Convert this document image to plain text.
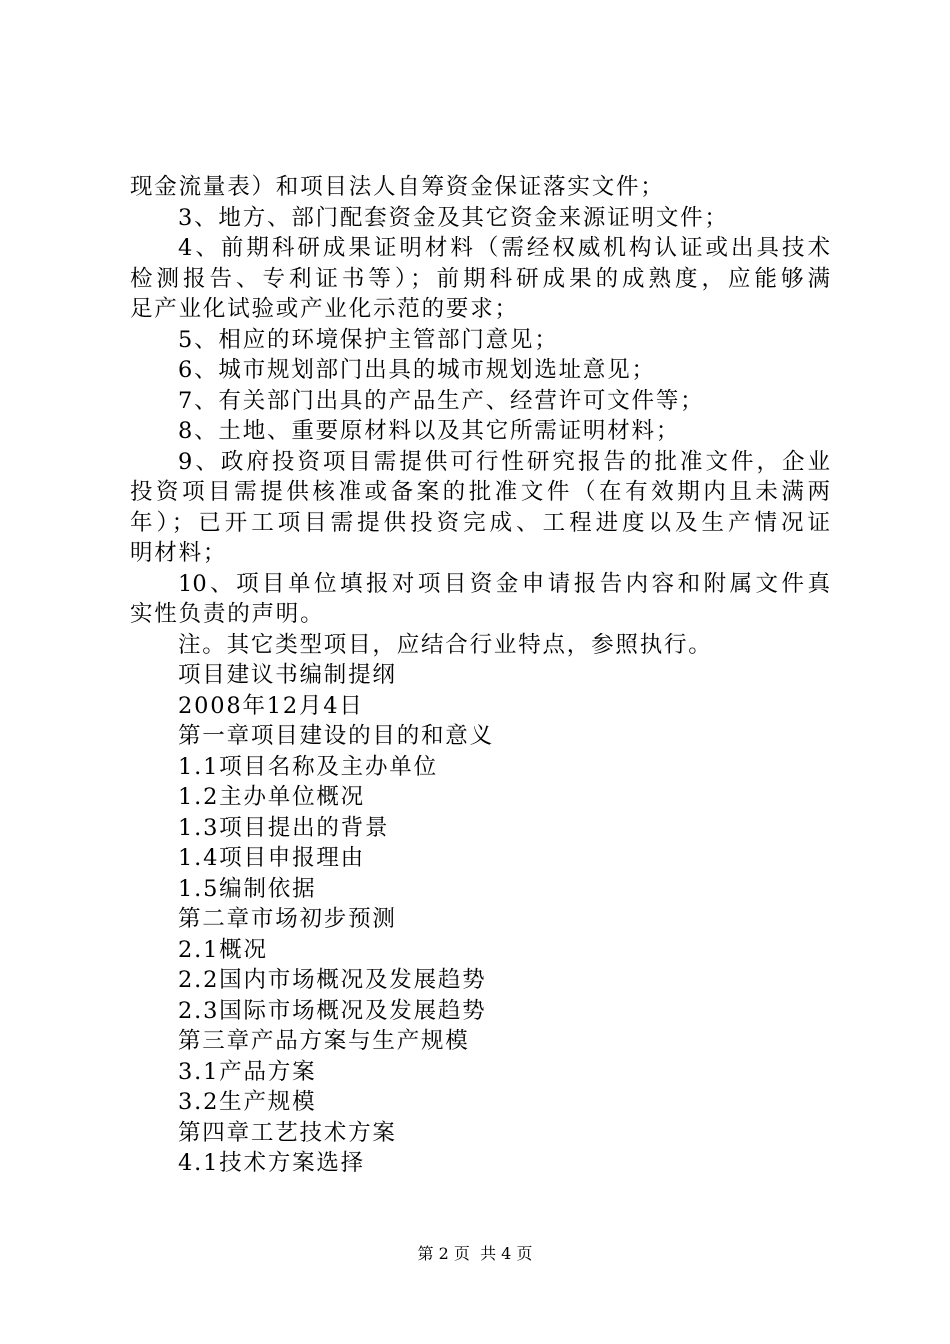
现金流量表）和项目法人自筹资金保证落实文件；
3、地方、部门配套资金及其它资金来源证明文件；
4、前期科研成果证明材料（需经权威机构认证或出具技术
检测报告、专利证书等）；前期科研成果的成熟度，应能够满
足产业化试验或产业化示范的要求；
5、相应的环境保护主管部门意见；
6、城市规划部门出具的城市规划选址意见；
7、有关部门出具的产品生产、经营许可文件等；
8、土地、重要原材料以及其它所需证明材料；
9、政府投资项目需提供可行性研究报告的批准文件，企业
投资项目需提供核准或备案的批准文件（在有效期内且未满两
年）；已开工项目需提供投资完成、工程进度以及生产情况证
明材料；
10、项目单位填报对项目资金申请报告内容和附属文件真
实性负责的声明。
注。其它类型项目，应结合行业特点，参照执行。
项目建议书编制提纲
2008年12月4日
第一章项目建设的目的和意义
1.1项目名称及主办单位
1.2主办单位概况
1.3项目提出的背景
1.4项目申报理由
1.5编制依据
第二章市场初步预测
2.1概况
2.2国内市场概况及发展趋势
2.3国际市场概况及发展趋势
第三章产品方案与生产规模
3.1产品方案
3.2生产规模
第四章工艺技术方案
4.1技术方案选择
第 2 页  共 4 页
